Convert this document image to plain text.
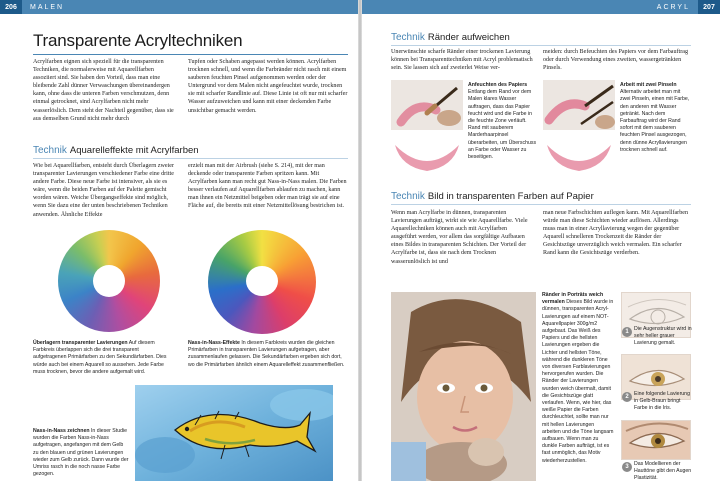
206	MALEN	ACRYL	207
Transparente Acryltechniken
Acrylfarben eignen sich speziell für die transparenten Techniken, die normalerweise mit Aquarellfarben assoziiert sind. Sie haben den Vorteil, dass man eine bleibende Zahl dünner Verwaschungen übereinandergen kann, ohne dass die unteren Farben verschmutzen, denn einmal getrocknet, sind Acrylfarben nicht mehr wasserlöslich. Dem steht der Nachteil gegenüber, dass sie aus demselben Grund nicht mehr durch
Tupfen oder Schaben angepasst werden können. Acrylfarben trocknen schnell, und wenn die Farbränder nicht rasch mit einem sauberen feuchten Pinsel aufgenommen werden oder der Untergrund vor dem Malen nicht angefeuchtet wurde, trocknen sie mit scharfer Randlinie auf. Diese Linie ist oft nur mit scharfer Wasser aufzuweichen und kann mit einer deckenden Farbe unsichtbar gemacht werden.
Technik Aquarelleffekte mit Acrylfarben
Wie bei Aquarellfarben, entsteht durch Überlagern zweier transparenter Lavierungen verschiedener Farbe eine dritte andere Farbe. Diese neue Farbe ist intensiver, als sie es wäre, wenn die beiden Farben auf der Palette gemischt worden wären. Weiche Übergangseffekte sind möglich, wenn Sie dazu eine der unten beschriebenen Techniken anwenden. Ähnliche Effekte
erzielt man mit der Airbrush (siehe S. 214), mit der man deckende oder transparente Farben spritzen kann. Mit Acrylfarben kann man recht gut Nass-in-Nass malen. Die Farben besser verlaufen auf Aquarellfarben ablaufen zu machen, kann man ihnen ein Netzmittel beigeben oder man trägt sie auf eine Fläche auf, die bereits mit einer Netzmittellösung bestrichen ist.
Überlagern transparenter Lavierungen Auf diesem Farbkreis überlappen sich die drei transparent aufgetragenen Primärfarben zu den Sekundärfarben. Dies würde auch bei einem Aquarell so aussehen. Jede Farbe muss trocknen, bevor die andere aufgemalt wird.
Nass-in-Nass-Effekte In diesem Farbkreis wurden die gleichen Primärfarben in transparenten Lavierungen aufgetragen, aber zusammenlaufen gelassen. Die Sekundärfarben ergeben sich dort, wo die Primärfarben ähnlich einem Aquarelleffekt zusammenfließen.
Nass-in-Nass zeichnen In dieser Studie wurden die Farben Nass-in-Nass aufgetragen, angefangen mit dem Gelb zu den blauen und grünen Lavierungen wieder zum Gelb zurück. Dann wurde der Umriss rasch in die noch nasse Farbe gezogen.
Technik Ränder aufweichen
Unerwünschte scharfe Ränder einer trockenen Lavierung können bei Transparenttechniken mit Acryl problematisch sein. Sie lassen sich auf zweierlei Weise ver-
meiden: durch Befeuchten des Papiers vor dem Farbauftrag oder durch Verwendung eines zweiten, wassergetränkten Pinsels.
Anfeuchten des Papiers Entlang dem Rand vor dem Malen klares Wasser auftragen, dass das Papier feucht wird und die Farbe in die feuchte Zone verläuft. Rand mit sauberem Marderhaarpinsel überarbeiten, um Überschuss an Farbe oder Wasser zu beseitigen.
Arbeit mit zwei Pinseln Alternativ arbeitet man mit zwei Pinseln, einen mit Farbe, den anderen mit Wasser getränkt. Nach dem Farbauftrag wird der Rand sofort mit dem sauberen feuchten Pinsel ausgezogen, denn dünne Acryllavierungen trocknen schnell auf.
Technik Bild in transparenten Farben auf Papier
Wenn man Acrylfarbe in dünnen, transparenten Lavierungen aufträgt, wirkt sie wie Aquarellfarbe. Viele Aquarellechniken können auch mit Acrylfarben ausgeführt werden, vor allem das sorgfältige Aufbauen eines Bildes in transparenten Schichten. Der Vorteil der Acrylfarbe ist, dass sie nach dem Trocknen wasserunlöslich ist und
man neue Farbschichten auflegen kann. Mit Aquarellfarben würde man diese Schichten wieder auflösen. Allerdings muss man in einer Acryllavierung wegen der gegenüber Aquarell schnelleren Trockenzeit die Ränder der Gesichtszüge unverzüglich weich vermalen. Ein scharfer Rand kann die Gesichtszüge verderben.
Ränder in Porträts weich vermalen Dieses Bild wurde in dünnen, transparenten Acryl-Lavierungen auf einem NOT-Aquarellpapier 300g/m2 aufgebaut. Das Weiß des Papiers und die hellsten Lavierungen ergeben die Lichter und hellsten Töne, während die dunkleren Töne von diversen Farblavierungen hervorgerufen wurden. Die Ränder der Lavierungen wurden weich übermalt, damit die Gesichtszüge glatt verlaufen. Wenn, wie hier, das weiße Papier die Farben durchleuchtet, sollte man nur mit hellen Lavierungen arbeiten und die Töne langsam aufbauen. Wenn man zu dunkle Farben aufträgt, ist es fast unmöglich, das Motiv wiederherzustellen.
1	Die Augenstruktur wird in sehr heller grauer Lavierung gemalt.
2	Eine folgende Lavierung in Gelb-Braun bringt Farbe in die Iris.
3	Das Modellieren der Hauttöne gibt den Augen Plastizität.
